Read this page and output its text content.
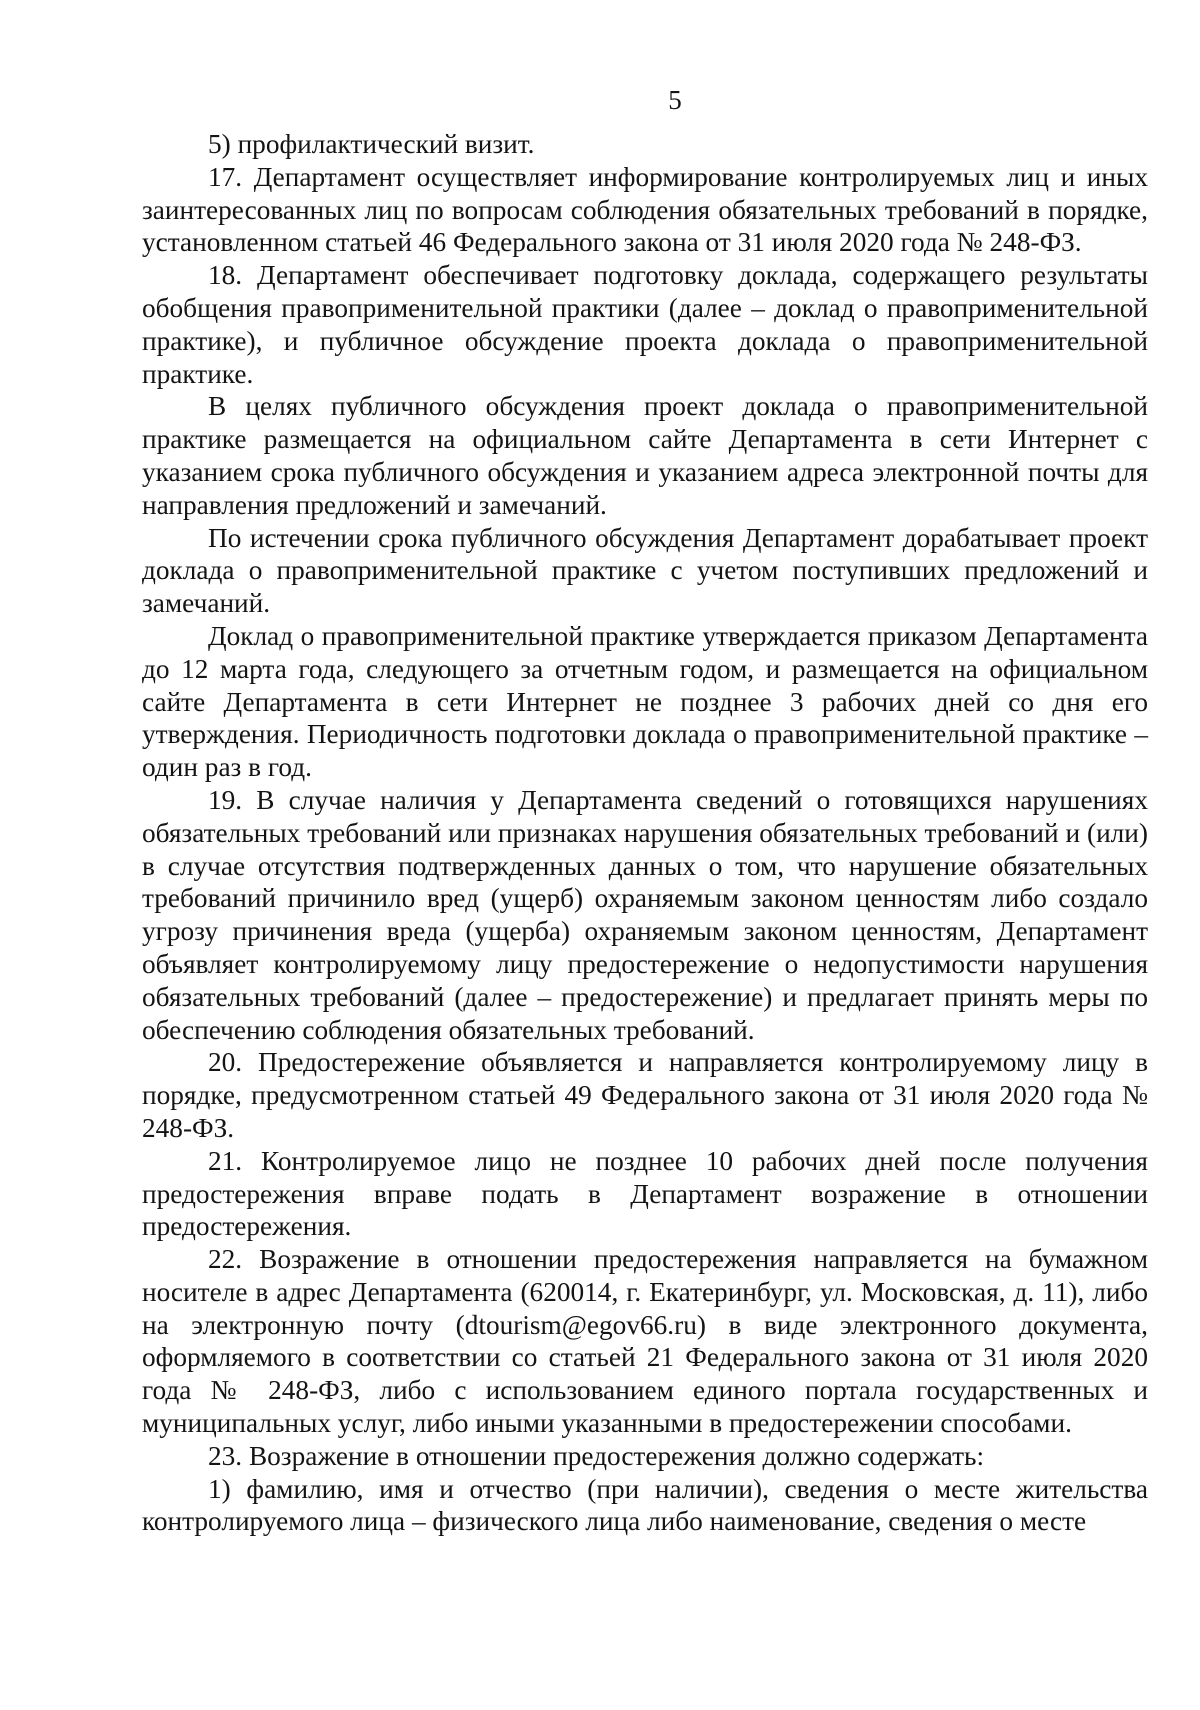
5

5) профилактический визит.

17. Департамент осуществляет информирование контролируемых лиц и иных заинтересованных лиц по вопросам соблюдения обязательных требований в порядке, установленном статьей 46 Федерального закона от 31 июля 2020 года № 248-ФЗ.

18. Департамент обеспечивает подготовку доклада, содержащего результаты обобщения правоприменительной практики (далее – доклад о правоприменительной практике), и публичное обсуждение проекта доклада о правоприменительной практике.

В целях публичного обсуждения проект доклада о правоприменительной практике размещается на официальном сайте Департамента в сети Интернет с указанием срока публичного обсуждения и указанием адреса электронной почты для направления предложений и замечаний.

По истечении срока публичного обсуждения Департамент дорабатывает проект доклада о правоприменительной практике с учетом поступивших предложений и замечаний.

Доклад о правоприменительной практике утверждается приказом Департамента до 12 марта года, следующего за отчетным годом, и размещается на официальном сайте Департамента в сети Интернет не позднее 3 рабочих дней со дня его утверждения. Периодичность подготовки доклада о правоприменительной практике – один раз в год.

19. В случае наличия у Департамента сведений о готовящихся нарушениях обязательных требований или признаках нарушения обязательных требований и (или) в случае отсутствия подтвержденных данных о том, что нарушение обязательных требований причинило вред (ущерб) охраняемым законом ценностям либо создало угрозу причинения вреда (ущерба) охраняемым законом ценностям, Департамент объявляет контролируемому лицу предостережение о недопустимости нарушения обязательных требований (далее – предостережение) и предлагает принять меры по обеспечению соблюдения обязательных требований.

20. Предостережение объявляется и направляется контролируемому лицу в порядке, предусмотренном статьей 49 Федерального закона от 31 июля 2020 года № 248-ФЗ.

21. Контролируемое лицо не позднее 10 рабочих дней после получения предостережения вправе подать в Департамент возражение в отношении предостережения.

22. Возражение в отношении предостережения направляется на бумажном носителе в адрес Департамента (620014, г. Екатеринбург, ул. Московская, д. 11), либо на электронную почту (dtourism@egov66.ru) в виде электронного документа, оформляемого в соответствии со статьей 21 Федерального закона от 31 июля 2020 года № 248-ФЗ, либо с использованием единого портала государственных и муниципальных услуг, либо иными указанными в предостережении способами.

23. Возражение в отношении предостережения должно содержать:

1) фамилию, имя и отчество (при наличии), сведения о месте жительства контролируемого лица – физического лица либо наименование, сведения о месте
